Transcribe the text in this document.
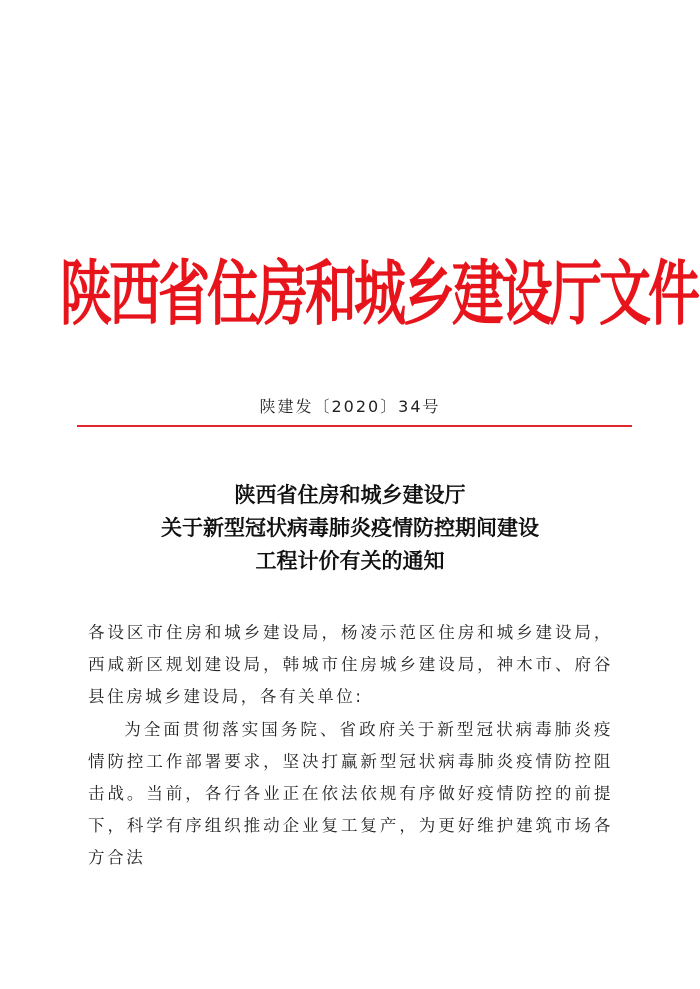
陕西省住房和城乡建设厅文件
陕建发〔2020〕34号
陕西省住房和城乡建设厅
关于新型冠状病毒肺炎疫情防控期间建设
工程计价有关的通知

各设区市住房和城乡建设局，杨凌示范区住房和城乡建设局，西咸新区规划建设局，韩城市住房城乡建设局，神木市、府谷县住房城乡建设局，各有关单位:

为全面贯彻落实国务院、省政府关于新型冠状病毒肺炎疫情防控工作部署要求，坚决打赢新型冠状病毒肺炎疫情防控阻击战。当前，各行各业正在依法依规有序做好疫情防控的前提下，科学有序组织推动企业复工复产，为更好维护建筑市场各方合法
